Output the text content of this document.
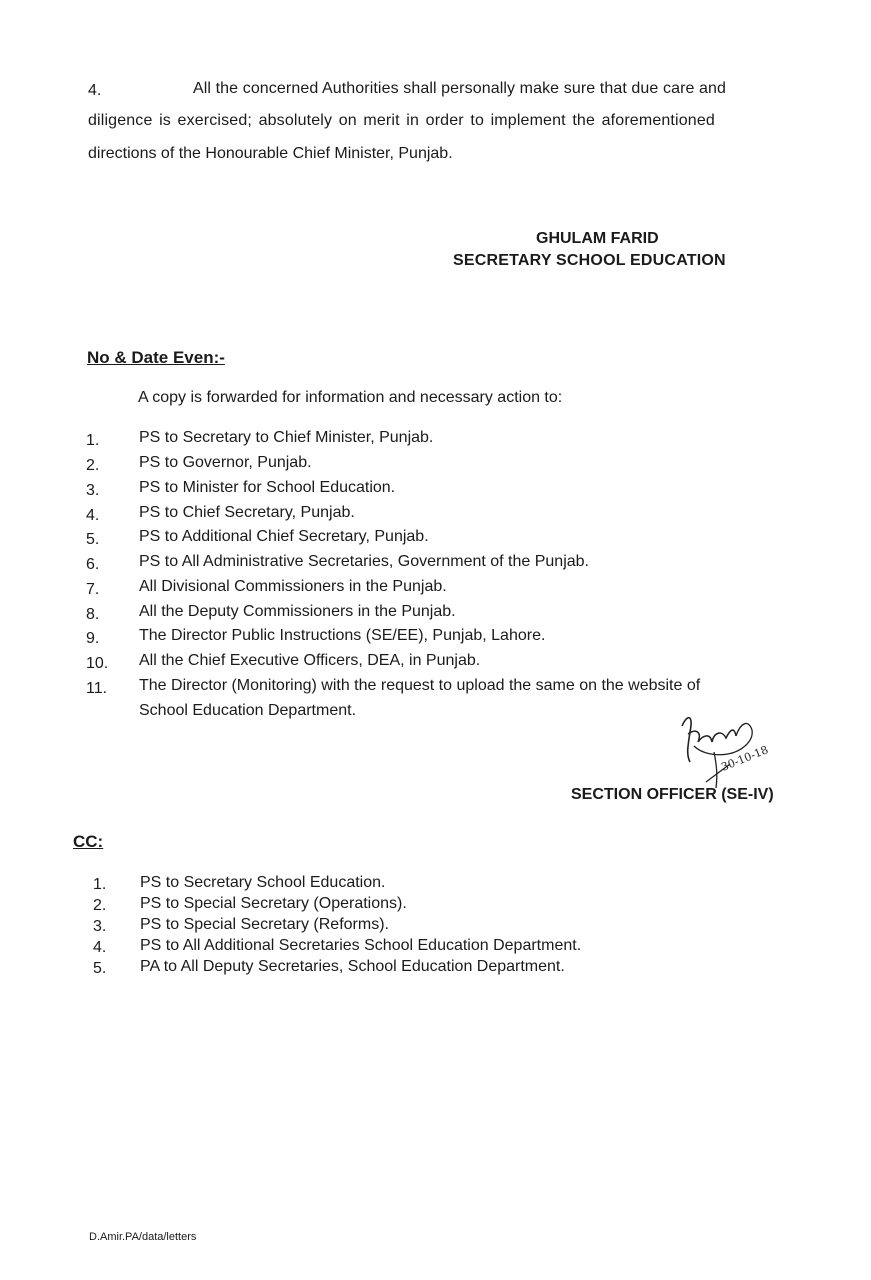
4.	All the concerned Authorities shall personally make sure that due care and
diligence is exercised; absolutely on merit in order to implement the aforementioned
directions of the Honourable Chief Minister, Punjab.
GHULAM FARID
SECRETARY SCHOOL EDUCATION
No & Date Even:-
A copy is forwarded for information and necessary action to:
1. PS to Secretary to Chief Minister, Punjab.
2. PS to Governor, Punjab.
3. PS to Minister for School Education.
4. PS to Chief Secretary, Punjab.
5. PS to Additional Chief Secretary, Punjab.
6. PS to All Administrative Secretaries, Government of the Punjab.
7. All Divisional Commissioners in the Punjab.
8. All the Deputy Commissioners in the Punjab.
9. The Director Public Instructions (SE/EE), Punjab, Lahore.
10. All the Chief Executive Officers, DEA, in Punjab.
11. The Director (Monitoring) with the request to upload the same on the website of
School Education Department.
30-10-18
SECTION OFFICER (SE-IV)
CC:
1. PS to Secretary School Education.
2. PS to Special Secretary (Operations).
3. PS to Special Secretary (Reforms).
4. PS to All Additional Secretaries School Education Department.
5. PA to All Deputy Secretaries, School Education Department.
D.Amir.PA/data/letters
